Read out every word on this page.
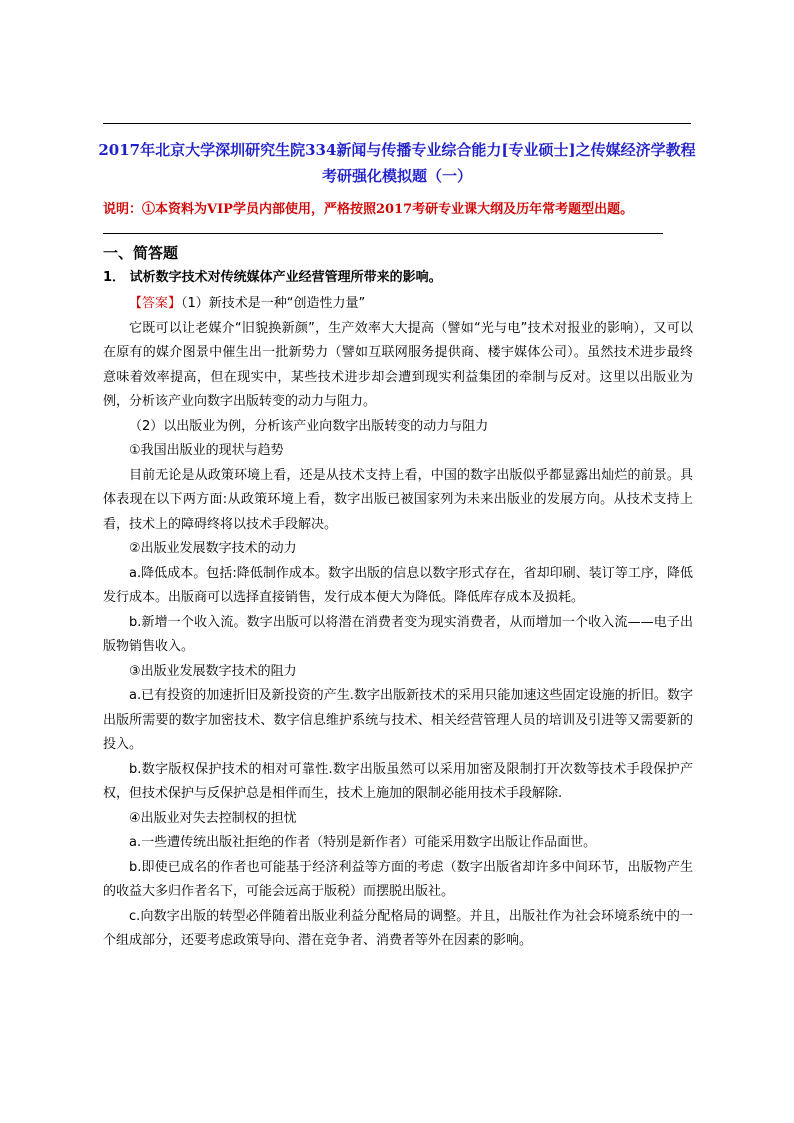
2017年北京大学深圳研究生院334新闻与传播专业综合能力[专业硕士]之传媒经济学教程考研强化模拟题（一）
说明：①本资料为VIP学员内部使用，严格按照2017考研专业课大纲及历年常考题型出题。
一、简答题
1． 试析数字技术对传统媒体产业经营管理所带来的影响。

【答案】（1）新技术是一种“创造性力量”

它既可以让老媒介“旧貌换新颜”，生产效率大大提高（譬如“光与电”技术对报业的影响），又可以在原有的媒介图景中催生出一批新势力（譬如互联网服务提供商、楼宇媒体公司）。虽然技术进步最终意味着效率提高，但在现实中，某些技术进步却会遭到现实利益集团的牵制与反对。这里以出版业为例，分析该产业向数字出版转变的动力与阻力。

（2）以出版业为例，分析该产业向数字出版转变的动力与阻力

①我国出版业的现状与趋势

目前无论是从政策环境上看，还是从技术支持上看，中国的数字出版似乎都显露出灿烂的前景。具体表现在以下两方面:从政策环境上看，数字出版已被国家列为未来出版业的发展方向。从技术支持上看，技术上的障碍终将以技术手段解决。

②出版业发展数字技术的动力

a.降低成本。包括:降低制作成本。数字出版的信息以数字形式存在，省却印刷、装订等工序，降低发行成本。出版商可以选择直接销售，发行成本便大为降低。降低库存成本及损耗。

b.新增一个收入流。数字出版可以将潜在消费者变为现实消费者，从而增加一个收入流——电子出版物销售收入。

③出版业发展数字技术的阻力

a.已有投资的加速折旧及新投资的产生.数字出版新技术的采用只能加速这些固定设施的折旧。数字出版所需要的数字加密技术、数字信息维护系统与技术、相关经营管理人员的培训及引进等又需要新的投入。

b.数字版权保护技术的相对可靠性.数字出版虽然可以采用加密及限制打开次数等技术手段保护产权，但技术保护与反保护总是相伴而生，技术上施加的限制必能用技术手段解除.

④出版业对失去控制权的担忧

a.一些遭传统出版社拒绝的作者（特别是新作者）可能采用数字出版让作品面世。

b.即使已成名的作者也可能基于经济利益等方面的考虑（数字出版省却许多中间环节，出版物产生的收益大多归作者名下，可能会远高于版税）而摆脱出版社。

c.向数字出版的转型必伴随着出版业利益分配格局的调整。并且，出版社作为社会环境系统中的一个组成部分，还要考虑政策导向、潜在竞争者、消费者等外在因素的影响。
